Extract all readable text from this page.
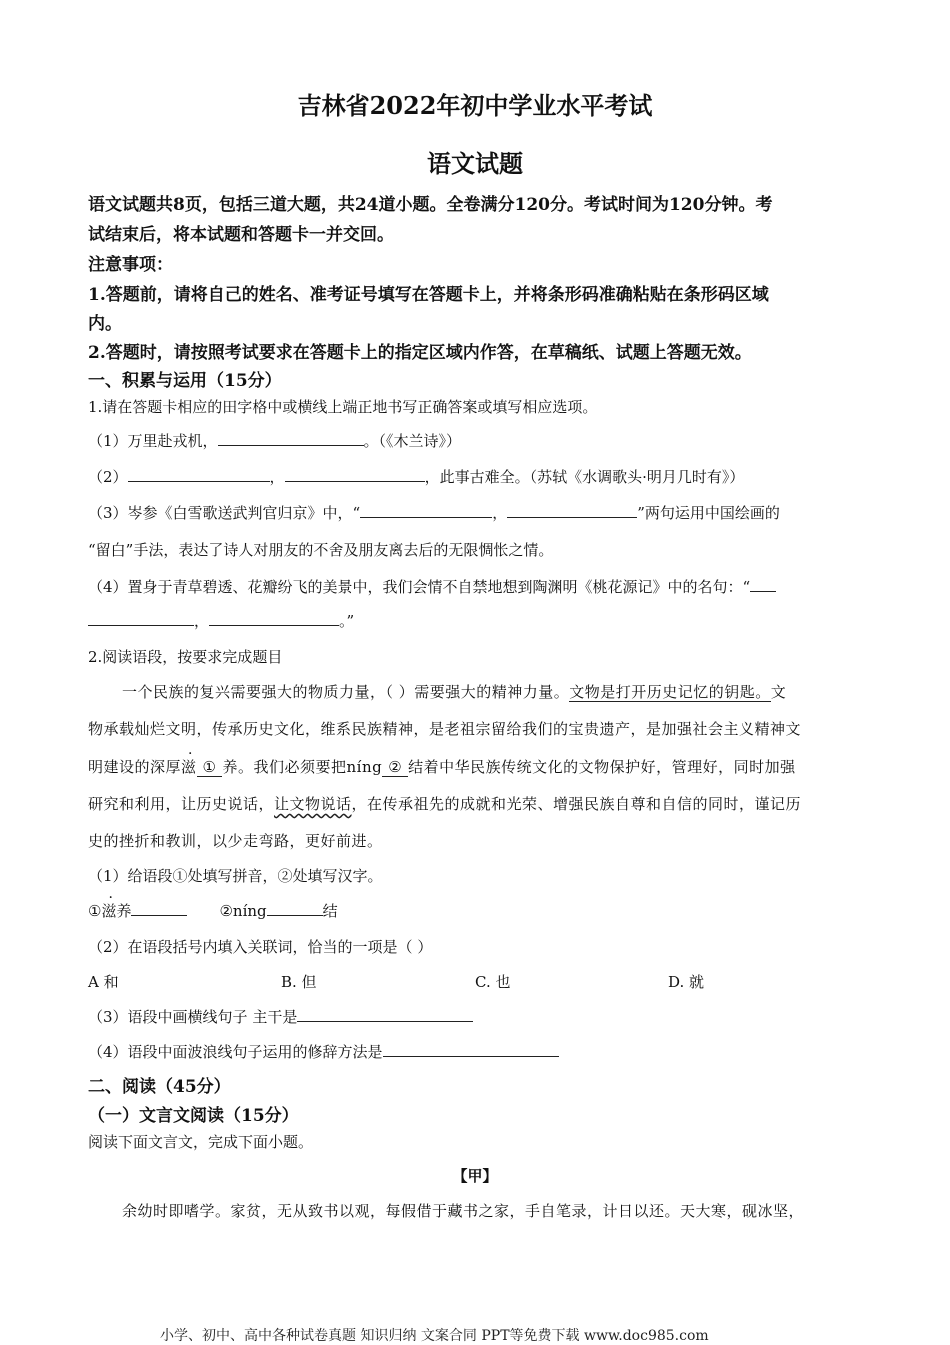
吉林省2022年初中学业水平考试
语文试题
语文试题共8页，包括三道大题，共24道小题。全卷满分120分。考试时间为120分钟。考
试结束后，将本试题和答题卡一并交回。
注意事项：
1.答题前，请将自己的姓名、准考证号填写在答题卡上，并将条形码准确粘贴在条形码区域
内。
2.答题时，请按照考试要求在答题卡上的指定区域内作答，在草稿纸、试题上答题无效。
一、积累与运用（15分）
1.请在答题卡相应的田字格中或横线上端正地书写正确答案或填写相应选项。
（1）万里赴戎机，	。（《木兰诗》）
（2）	，	，此事古难全。（苏轼《水调歌头·明月几时有》）
（3）岑参《白雪歌送武判官归京》中，“	，	”两句运用中国绘画的
“留白”手法，表达了诗人对朋友的不舍及朋友离去后的无限惆怅之情。
（4）置身于青草碧透、花瓣纷飞的美景中，我们会情不自禁地想到陶渊明《桃花源记》中的名句：“
，	。”
2.阅读语段，按要求完成题目
一个民族的复兴需要强大的物质力量，（ ）需要强大的精神力量。文物是打开历史记忆的钥匙。文
物承载灿烂文明，传承历史文化，维系民族精神，是老祖宗留给我们的宝贵遗产，是加强社会主义精神文
明建设的深厚滋 ① 养。我们必须要把níng ② 结着中华民族传统文化的文物保护好，管理好，同时加强
研究和利用，让历史说话，让文物说话，在传承祖先的成就和光荣、增强民族自尊和自信的同时，谨记历
史的挫折和教训，以少走弯路，更好前进。
（1）给语段①处填写拼音，②处填写汉字。
①滋养	②níng	结
（2）在语段括号内填入关联词，恰当的一项是（ ）
A 和	B. 但	C. 也	D. 就
（3）语段中画横线句子 主干是
（4）语段中面波浪线句子运用的修辞方法是
二、阅读（45分）
（一）文言文阅读（15分）
阅读下面文言文，完成下面小题。
【甲】
余幼时即嗜学。家贫，无从致书以观，每假借于藏书之家，手自笔录，计日以还。天大寒，砚冰坚，
小学、初中、高中各种试卷真题 知识归纳 文案合同 PPT等免费下载 www.doc985.com
